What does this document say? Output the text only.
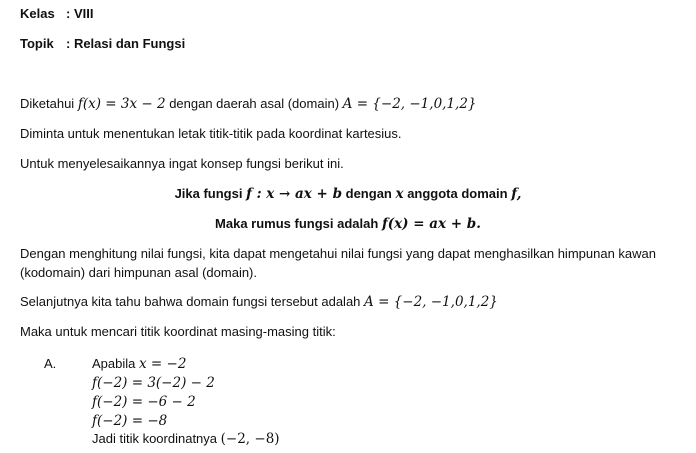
Kelas : VIII
Topik : Relasi dan Fungsi
Diketahui f(x) = 3x − 2 dengan daerah asal (domain) A = {−2, −1,0,1,2}
Diminta untuk menentukan letak titik-titik pada koordinat kartesius.
Untuk menyelesaikannya ingat konsep fungsi berikut ini.
Jika fungsi f : x → ax + b dengan x anggota domain f,
Maka rumus fungsi adalah f(x) = ax + b.
Dengan menghitung nilai fungsi, kita dapat mengetahui nilai fungsi yang dapat menghasilkan himpunan kawan
(kodomain) dari himpunan asal (domain).
Selanjutnya kita tahu bahwa domain fungsi tersebut adalah A = {−2, −1,0,1,2}
Maka untuk mencari titik koordinat masing-masing titik:
A.	Apabila x = −2
f(−2) = 3(−2) − 2
f(−2) = −6 − 2
f(−2) = −8
Jadi titik koordinatnya (−2, −8)
